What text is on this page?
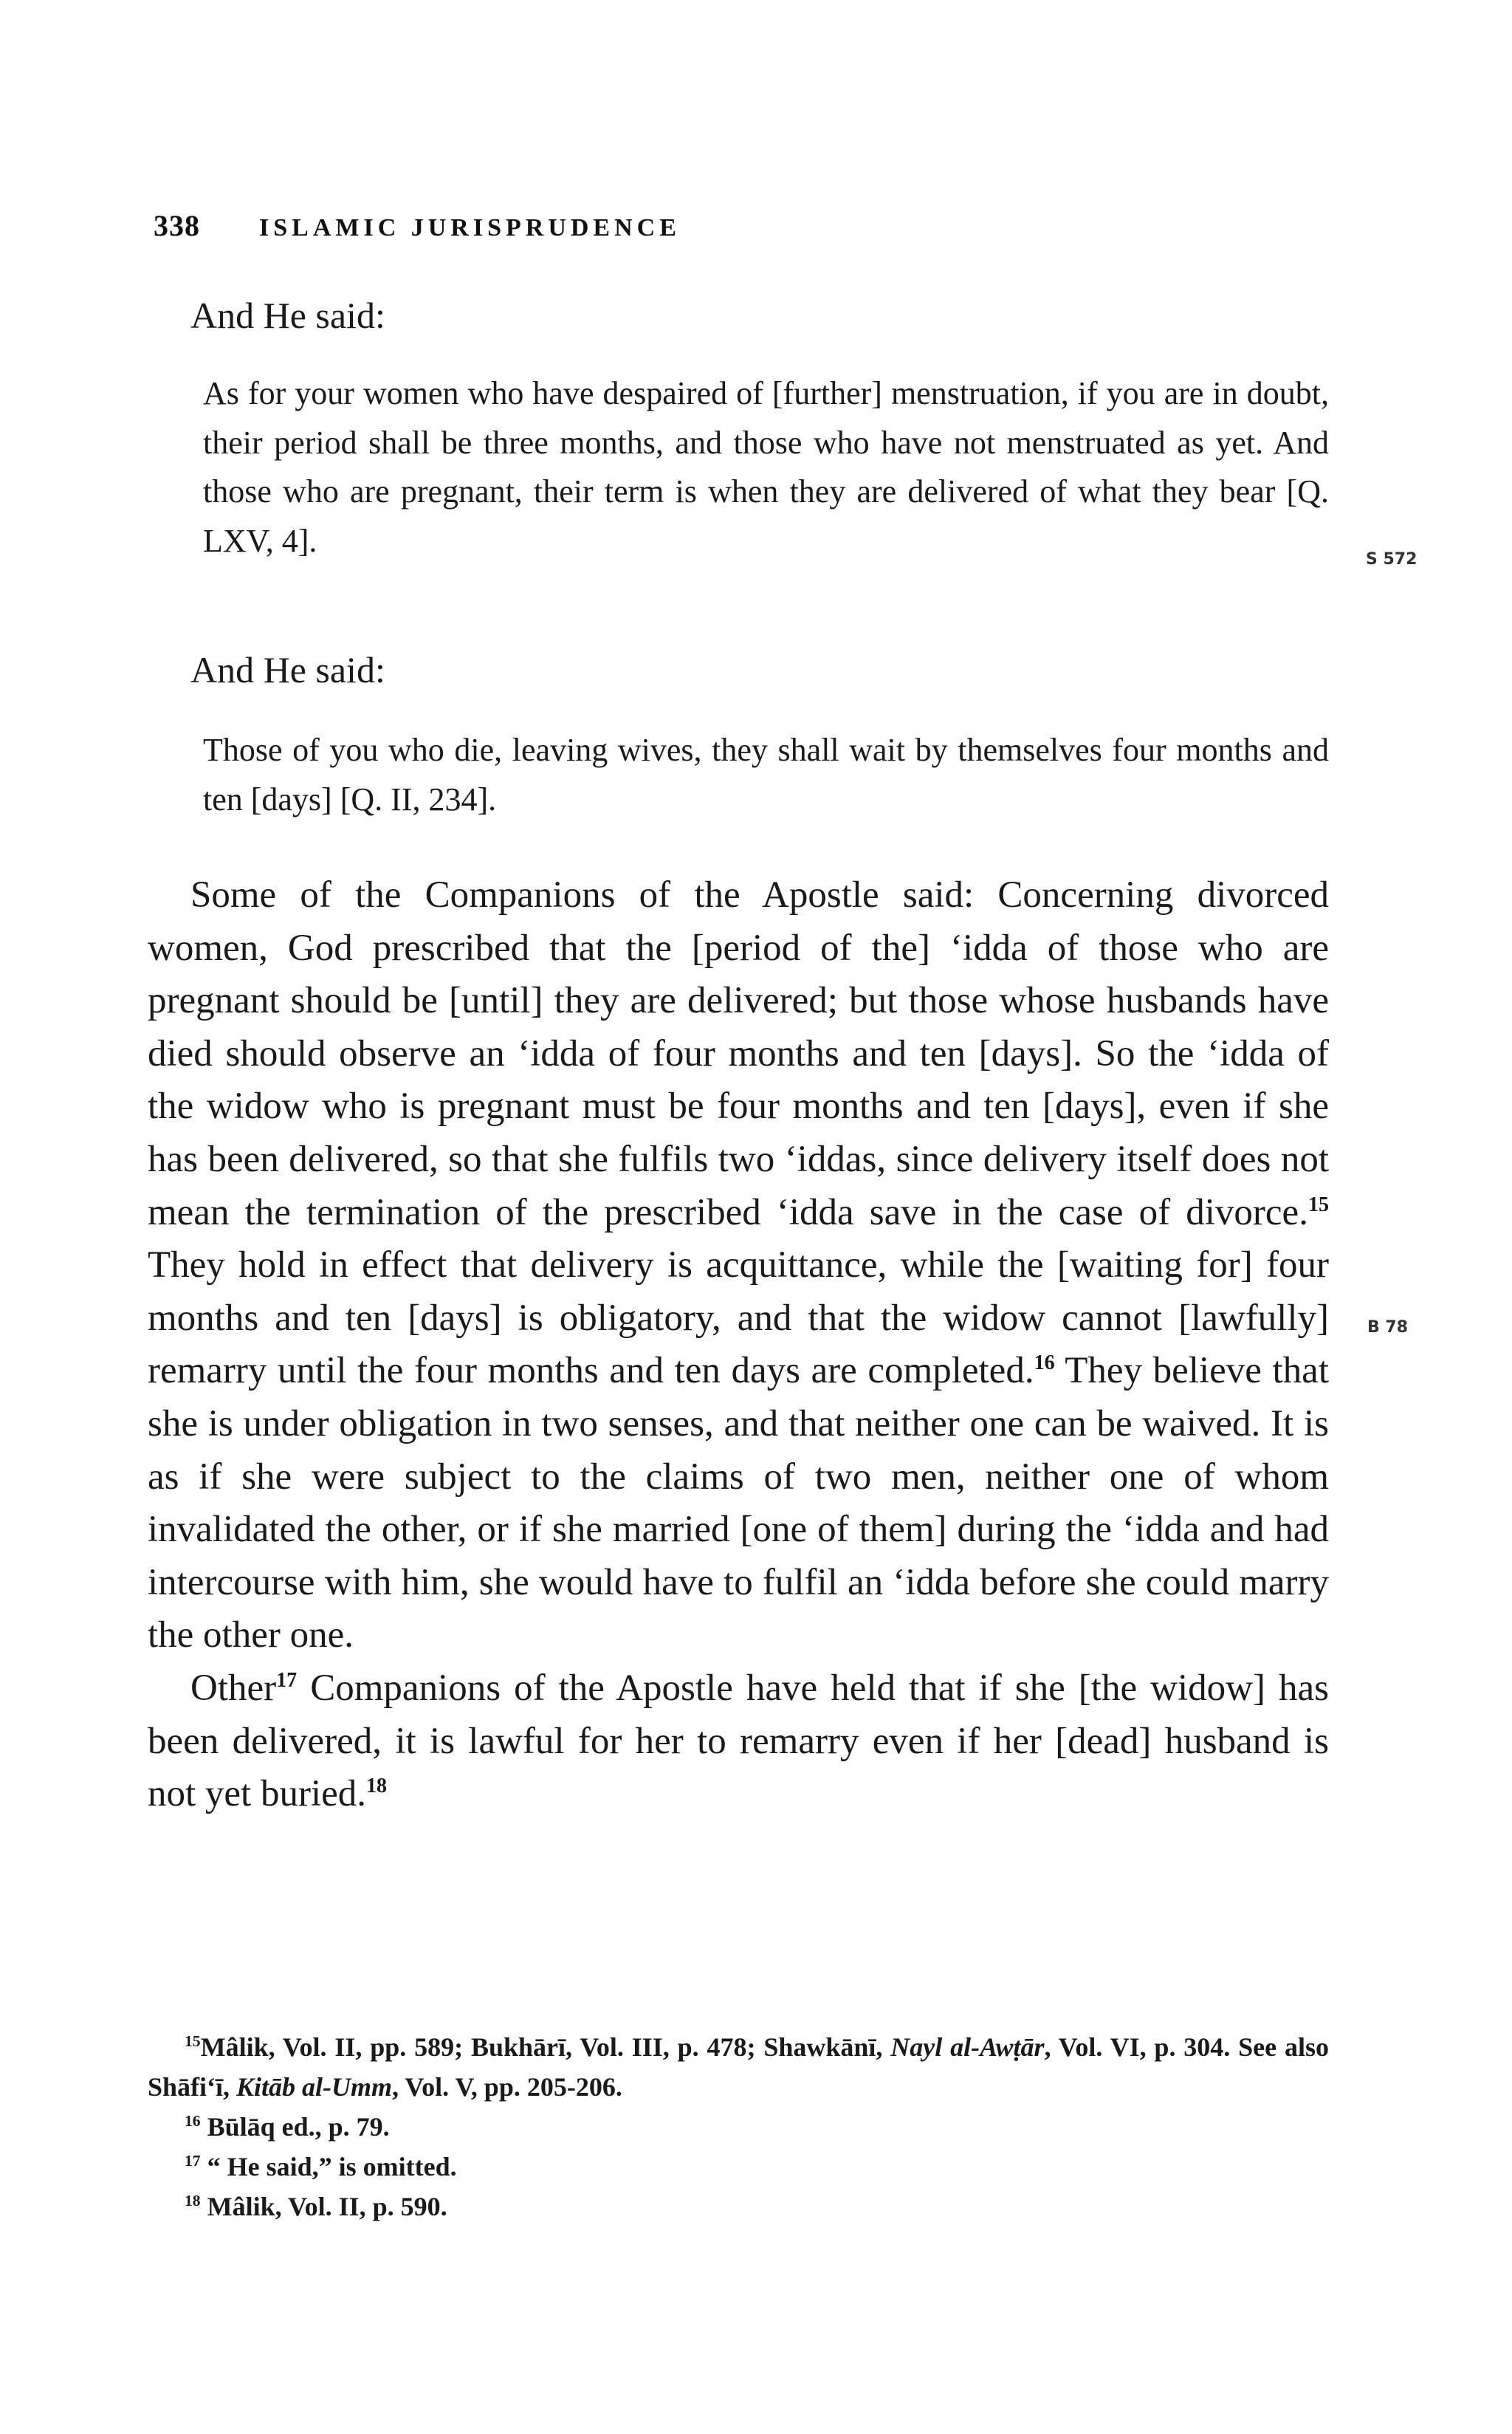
338 ISLAMIC JURISPRUDENCE
And He said:
As for your women who have despaired of [further] menstruation, if you are in doubt, their period shall be three months, and those who have not menstruated as yet. And those who are pregnant, their term is when they are delivered of what they bear [Q. LXV, 4].
And He said:
Those of you who die, leaving wives, they shall wait by themselves four months and ten [days] [Q. II, 234].
S 572
B 78

Some of the Companions of the Apostle said: Concerning divorced women, God prescribed that the [period of the] ‘idda of those who are pregnant should be [until] they are delivered; but those whose husbands have died should observe an ‘idda of four months and ten [days]. So the ‘idda of the widow who is pregnant must be four months and ten [days], even if she has been delivered, so that she fulfils two ‘iddas, since delivery itself does not mean the termination of the prescribed ‘idda save in the case of divorce.$^{15}$ They hold in effect that delivery is acquittance, while the [waiting for] four months and ten [days] is obligatory, and that the widow cannot [lawfully] remarry until the four months and ten days are completed.$^{16}$ They believe that she is under obligation in two senses, and that neither one can be waived. It is as if she were subject to the claims of two men, neither one of whom invalidated the other, or if she married [one of them] during the ‘idda and had intercourse with him, she would have to fulfil an ‘idda before she could marry the other one.

Other$^{17}$ Companions of the Apostle have held that if she [the widow] has been delivered, it is lawful for her to remarry even if her [dead] husband is not yet buried.$^{18}$

$^{15}$Mâlik, Vol. II, pp. 589; Bukhārī, Vol. III, p. 478; Shawkānī, Nayl al-Awṭār, Vol. VI, p. 304. See also Shāfi‘ī, Kitāb al-Umm, Vol. V, pp. 205-206.

$^{16}$ Būlāq ed., p. 79.

$^{17}$ “ He said,” is omitted.

$^{18}$ Mâlik, Vol. II, p. 590.
